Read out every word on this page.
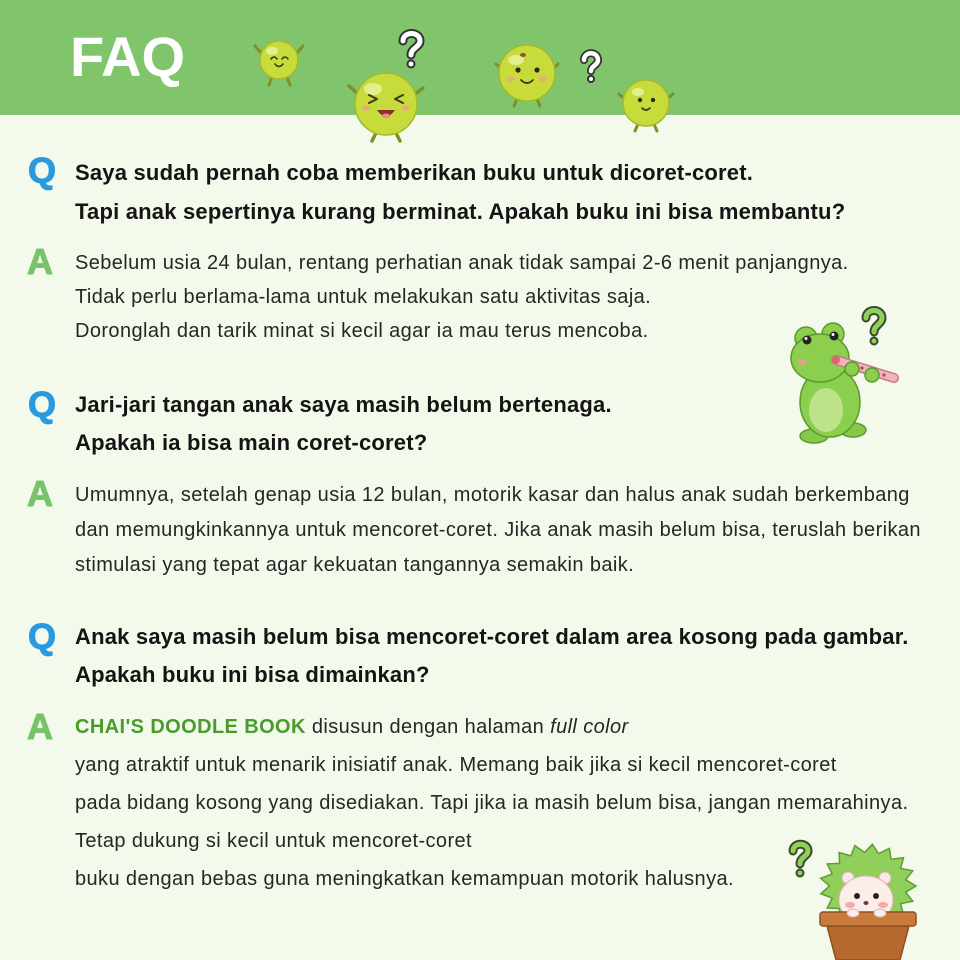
FAQ
Q Saya sudah pernah coba memberikan buku untuk dicoret-coret.
Tapi anak sepertinya kurang berminat. Apakah buku ini bisa membantu?
A Sebelum usia 24 bulan, rentang perhatian anak tidak sampai 2-6 menit panjangnya.
Tidak perlu berlama-lama untuk melakukan satu aktivitas saja.
Doronglah dan tarik minat si kecil agar ia mau terus mencoba.
Q Jari-jari tangan anak saya masih belum bertenaga.
Apakah ia bisa main coret-coret?
A Umumnya, setelah genap usia 12 bulan, motorik kasar dan halus anak sudah berkembang
dan memungkinkannya untuk mencoret-coret. Jika anak masih belum bisa, teruslah berikan
stimulasi yang tepat agar kekuatan tangannya semakin baik.
Q Anak saya masih belum bisa mencoret-coret dalam area kosong pada gambar.
Apakah buku ini bisa dimainkan?
A CHAI'S DOODLE BOOK disusun dengan halaman full color
yang atraktif untuk menarik inisiatif anak. Memang baik jika si kecil mencoret-coret
pada bidang kosong yang disediakan. Tapi jika ia masih belum bisa, jangan memarahinya.
Tetap dukung si kecil untuk mencoret-coret
buku dengan bebas guna meningkatkan kemampuan motorik halusnya.
